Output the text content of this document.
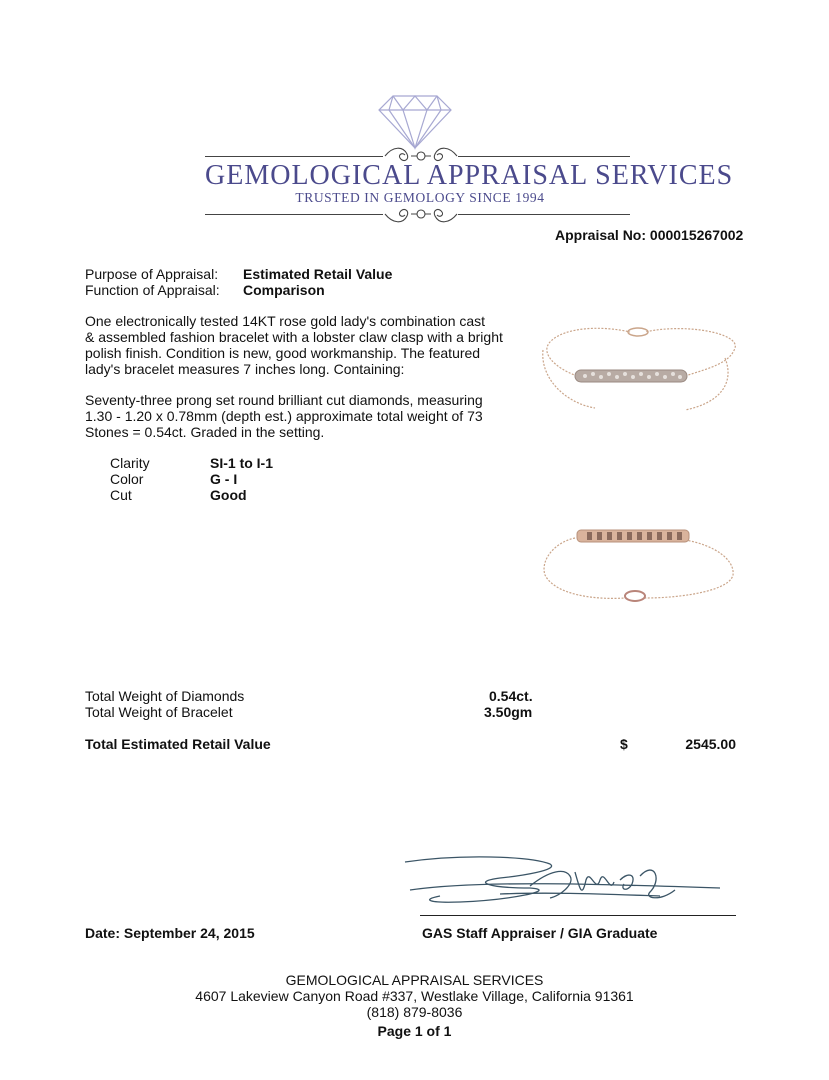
GEMOLOGICAL APPRAISAL SERVICES
TRUSTED IN GEMOLOGY SINCE 1994
Appraisal No: 000015267002
Purpose of Appraisal: Estimated Retail Value
Function of Appraisal: Comparison
One electronically tested 14KT rose gold lady's combination cast
& assembled fashion bracelet with a lobster claw clasp with a bright
polish finish. Condition is new, good workmanship. The featured
lady's bracelet measures 7 inches long. Containing:
Seventy-three prong set round brilliant cut diamonds, measuring
1.30 - 1.20 x 0.78mm (depth est.) approximate total weight of 73
Stones = 0.54ct. Graded in the setting.
Clarity	SI-1 to I-1
Color	G - I
Cut	Good
Total Weight of Diamonds	0.54ct.
Total Weight of Bracelet	3.50gm
Total Estimated Retail Value	$	2545.00
Date: September 24, 2015	GAS Staff Appraiser / GIA Graduate
GEMOLOGICAL APPRAISAL SERVICES
4607 Lakeview Canyon Road #337, Westlake Village, California 91361
(818) 879-8036
Page 1 of 1
